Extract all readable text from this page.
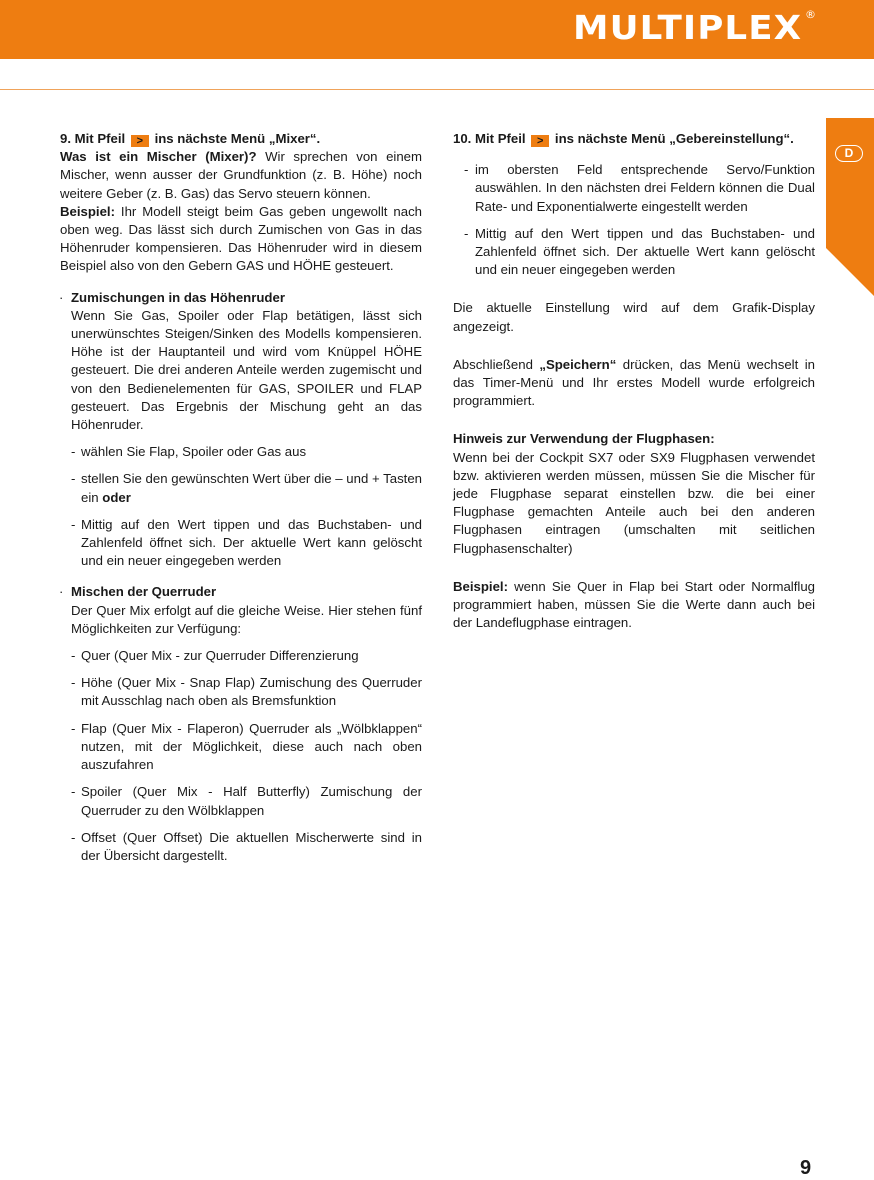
MULTIPLEX ®
D

9. Mit Pfeil > ins nächste Menü „Mixer“.

Was ist ein Mischer (Mixer)? Wir sprechen von einem Mischer, wenn ausser der Grundfunktion (z. B. Höhe) noch weitere Geber (z. B. Gas) das Servo steuern können.

Beispiel: Ihr Modell steigt beim Gas geben ungewollt nach oben weg. Das lässt sich durch Zumischen von Gas in das Höhenruder kompensieren. Das Höhenruder wird in diesem Beispiel also von den Gebern GAS und HÖHE gesteuert.

· Zumischungen in das Höhenruder

Wenn Sie Gas, Spoiler oder Flap betätigen, lässt sich unerwünschtes Steigen/Sinken des Modells kompensieren. Höhe ist der Hauptanteil und wird vom Knüppel HÖHE gesteuert. Die drei anderen Anteile werden zugemischt und von den Bedienelementen für GAS, SPOILER und FLAP gesteuert. Das Ergebnis der Mischung geht an das Höhenruder.

- wählen Sie Flap, Spoiler oder Gas aus

- stellen Sie den gewünschten Wert über die – und + Tasten ein oder

- Mittig auf den Wert tippen und das Buchstaben- und Zahlenfeld öffnet sich. Der aktuelle Wert kann gelöscht und ein neuer eingegeben werden

· Mischen der Querruder

Der Quer Mix erfolgt auf die gleiche Weise. Hier stehen fünf Möglichkeiten zur Verfügung:

- Quer (Quer Mix - zur Querruder Differenzierung

- Höhe (Quer Mix - Snap Flap) Zumischung des Querruder mit Ausschlag nach oben als Bremsfunktion

- Flap (Quer Mix - Flaperon) Querruder als „Wölbklappen“ nutzen, mit der Möglichkeit, diese auch nach oben auszufahren

- Spoiler (Quer Mix - Half Butterfly) Zumischung der Querruder zu den Wölbklappen

- Offset (Quer Offset) Die aktuellen Mischerwerte sind in der Übersicht dargestellt.

10. Mit Pfeil > ins nächste Menü „Gebereinstellung“.

- im obersten Feld entsprechende Servo/Funktion auswählen. In den nächsten drei Feldern können die Dual Rate- und Exponentialwerte eingestellt werden

- Mittig auf den Wert tippen und das Buchstaben- und Zahlenfeld öffnet sich. Der aktuelle Wert kann gelöscht und ein neuer eingegeben werden

Die aktuelle Einstellung wird auf dem Grafik-Display angezeigt.

Abschließend „Speichern“ drücken, das Menü wechselt in das Timer-Menü und Ihr erstes Modell wurde erfolgreich programmiert.

Hinweis zur Verwendung der Flugphasen:

Wenn bei der Cockpit SX7 oder SX9 Flugphasen verwendet bzw. aktivieren werden müssen, müssen Sie die Mischer für jede Flugphase separat einstellen bzw. die bei einer Flugphase gemachten Anteile auch bei den anderen Flugphasen eintragen (umschalten mit seitlichen Flugphasenschalter)

Beispiel: wenn Sie Quer in Flap bei Start oder Normalflug programmiert haben, müssen Sie die Werte dann auch bei der Landeflugphase eintragen.

9
